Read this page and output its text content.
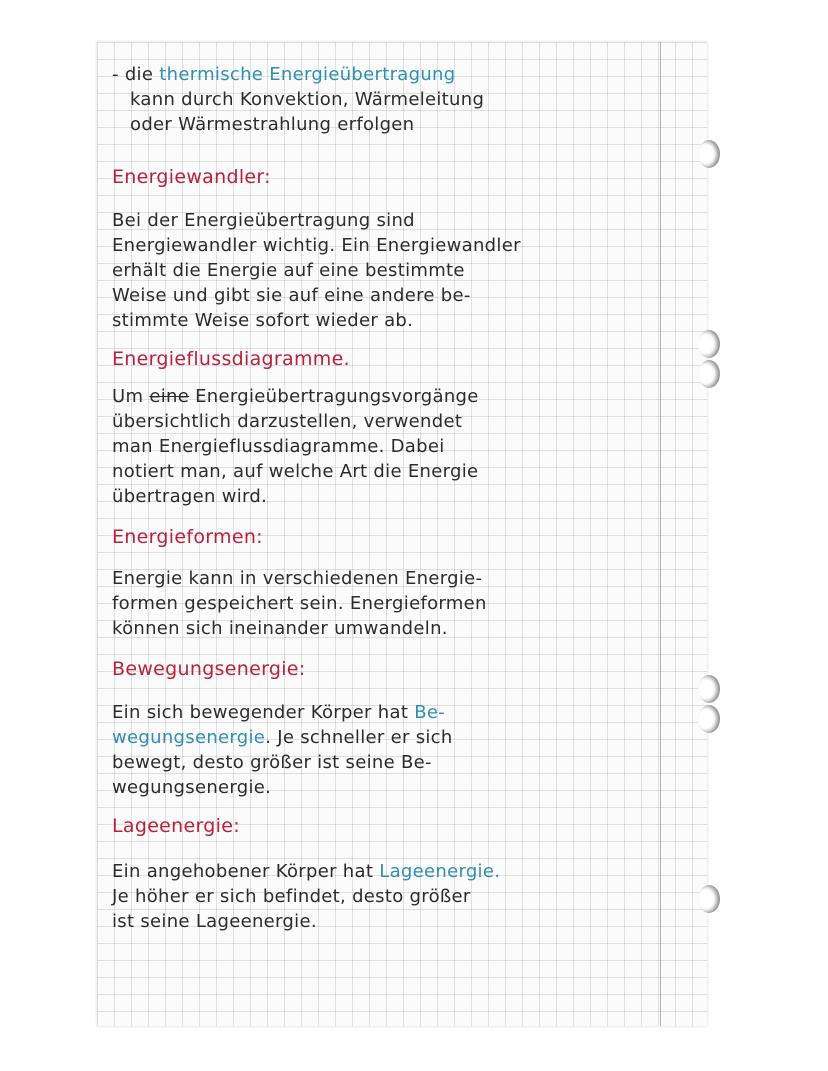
- die thermische Energieübertragung

kann durch Konvektion, Wärmeleitung

oder Wärmestrahlung erfolgen

Energiewandler:

Bei der Energieübertragung sind

Energiewandler wichtig. Ein Energiewandler

erhält die Energie auf eine bestimmte

Weise und gibt sie auf eine andere be-

stimmte Weise sofort wieder ab.

Energieflussdiagramme.

Um eine Energieübertragungsvorgänge

übersichtlich darzustellen, verwendet

man Energieflussdiagramme. Dabei

notiert man, auf welche Art die Energie

übertragen wird.

Energieformen:

Energie kann in verschiedenen Energie-

formen gespeichert sein. Energieformen

können sich ineinander umwandeln.

Bewegungsenergie:

Ein sich bewegender Körper hat Be-

wegungsenergie. Je schneller er sich

bewegt, desto größer ist seine Be-

wegungsenergie.

Lageenergie:

Ein angehobener Körper hat Lageenergie.

Je höher er sich befindet, desto größer

ist seine Lageenergie.
